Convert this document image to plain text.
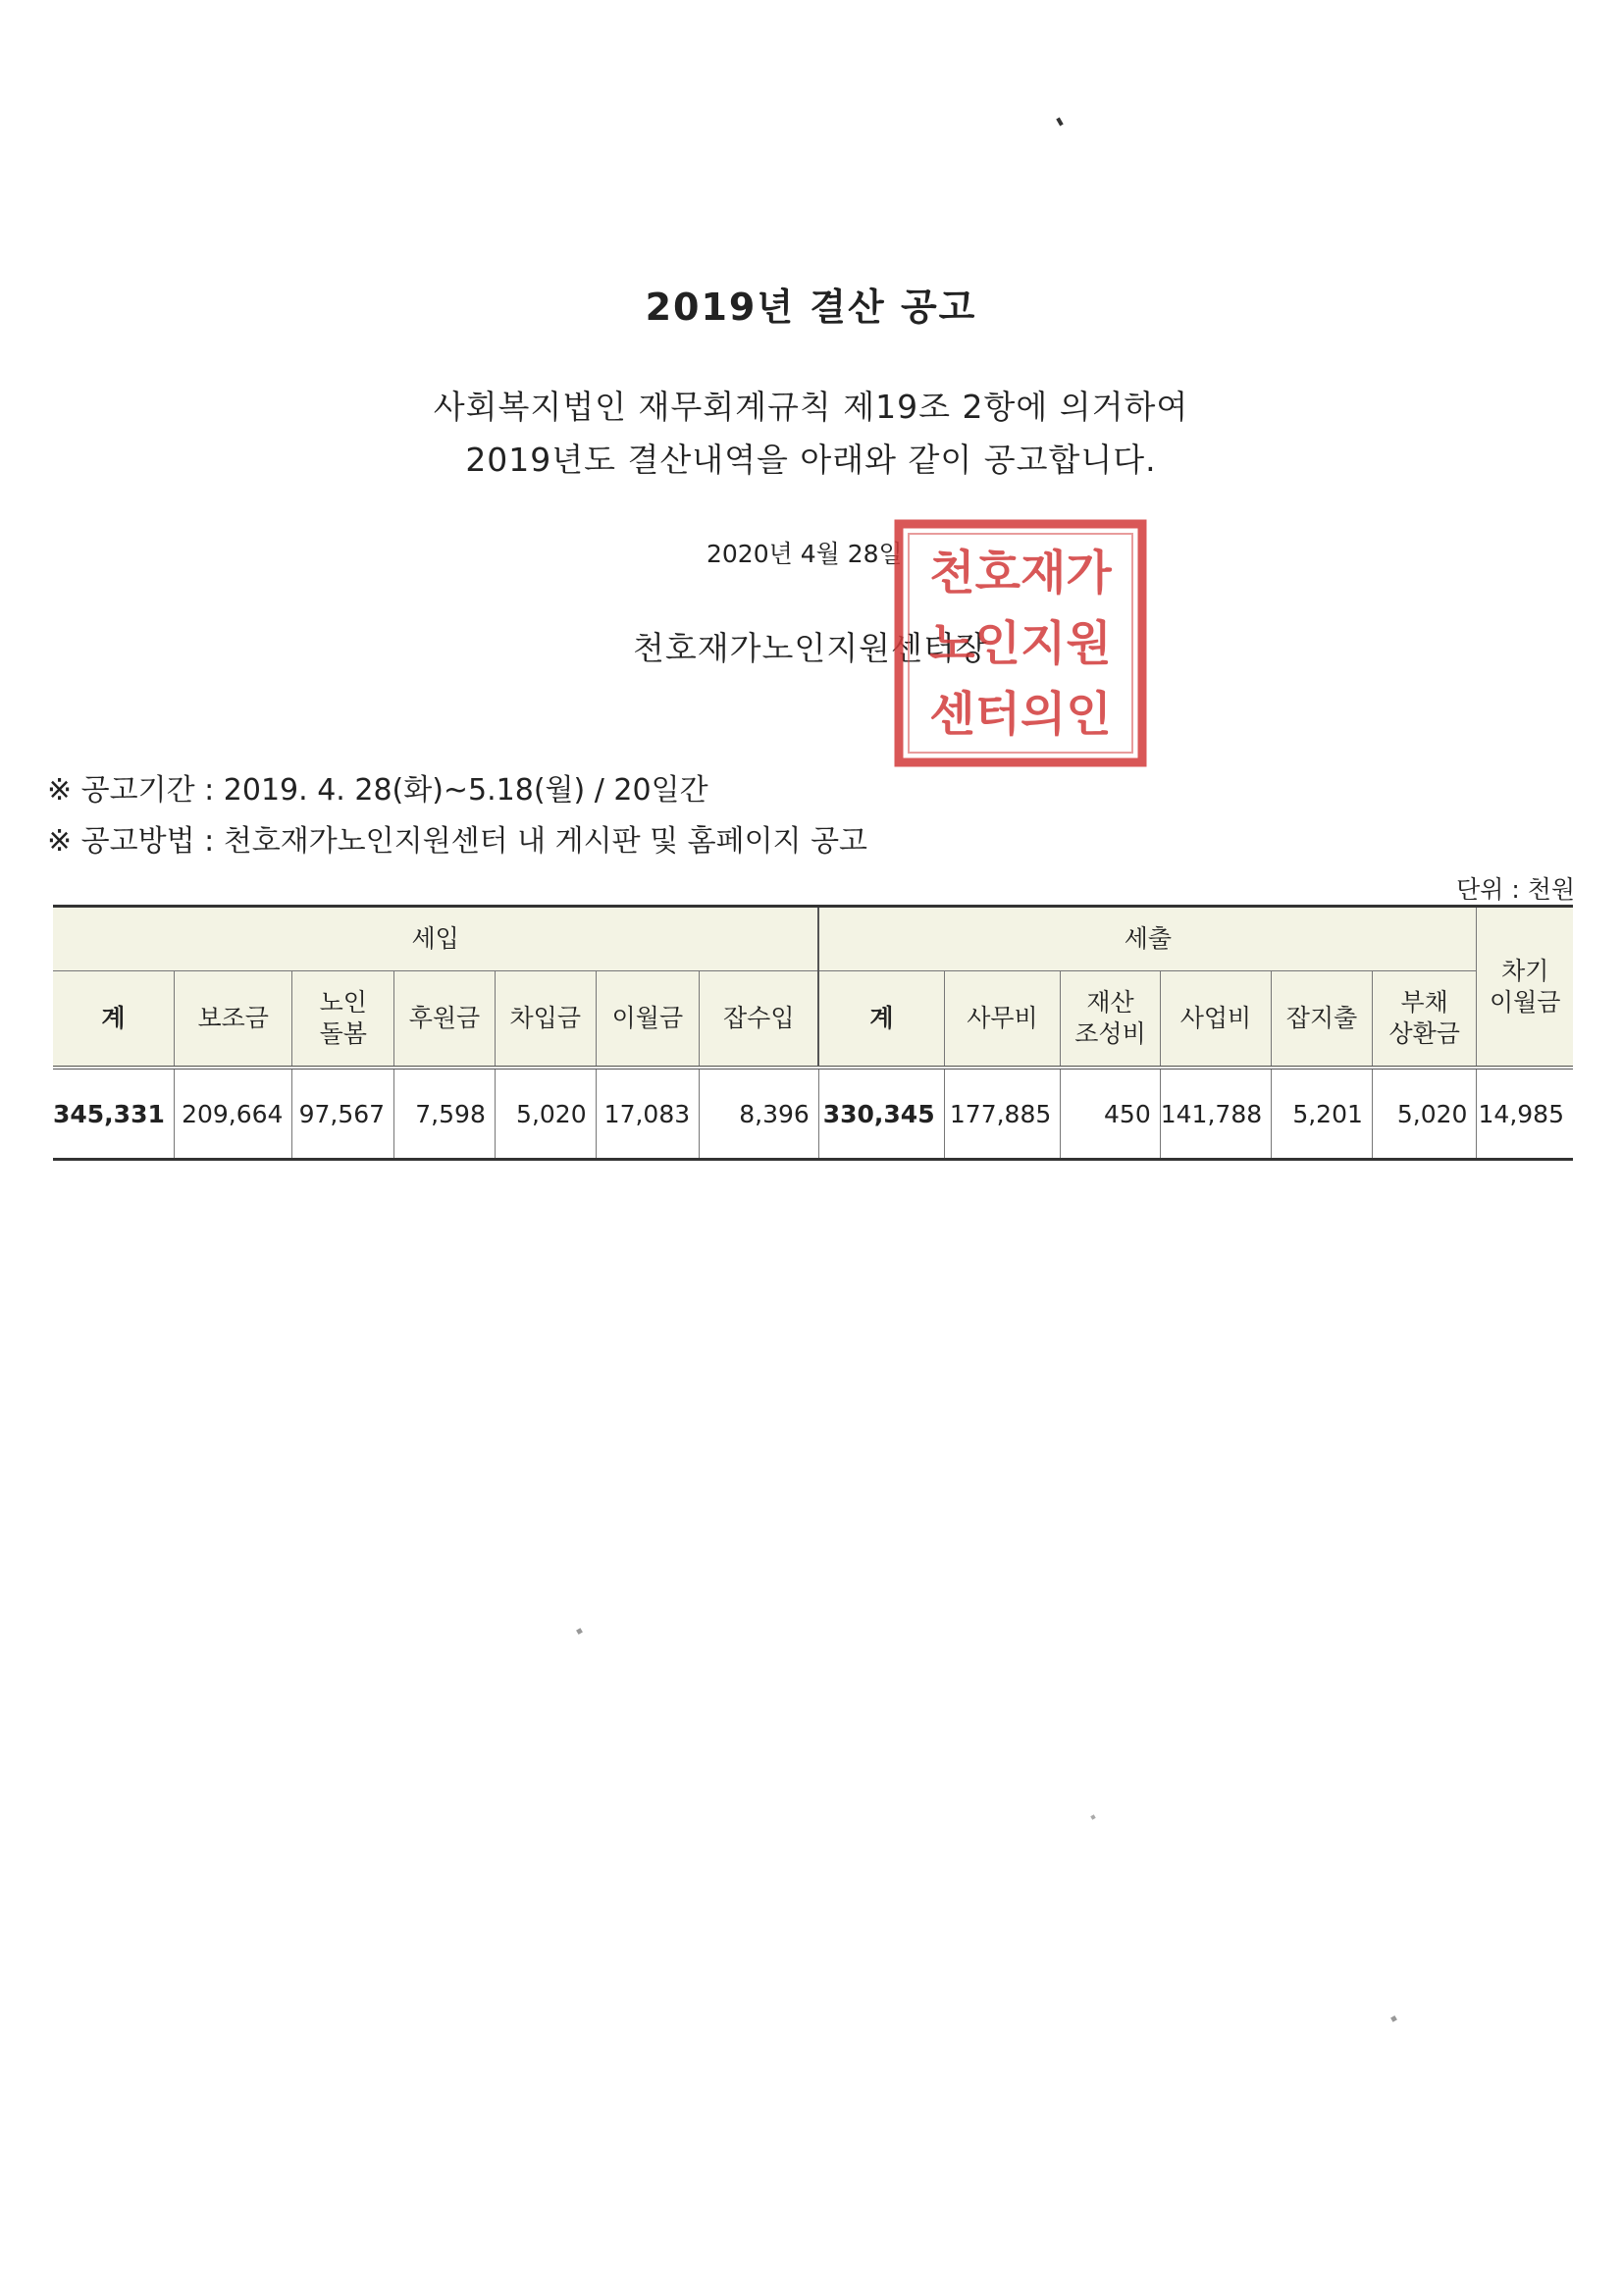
2019년 결산 공고
사회복지법인 재무회계규칙 제19조 2항에 의거하여
2019년도 결산내역을 아래와 같이 공고합니다.
2020년 4월 28일
천호재가노인지원센터장
천호재가
노인지원
센터의인
※ 공고기간 : 2019. 4. 28(화)~5.18(월) / 20일간
※ 공고방법 : 천호재가노인지원센터 내 게시판 및 홈페이지 공고
단위 : 천원
세입							세출						차기
이월금
계	보조금	노인
돌봄	후원금	차입금	이월금	잡수입	계	사무비	재산
조성비	사업비	잡지출	부채
상환금	
345,331	209,664	97,567	7,598	5,020	17,083	8,396	330,345	177,885	450	141,788	5,201	5,020	14,985
